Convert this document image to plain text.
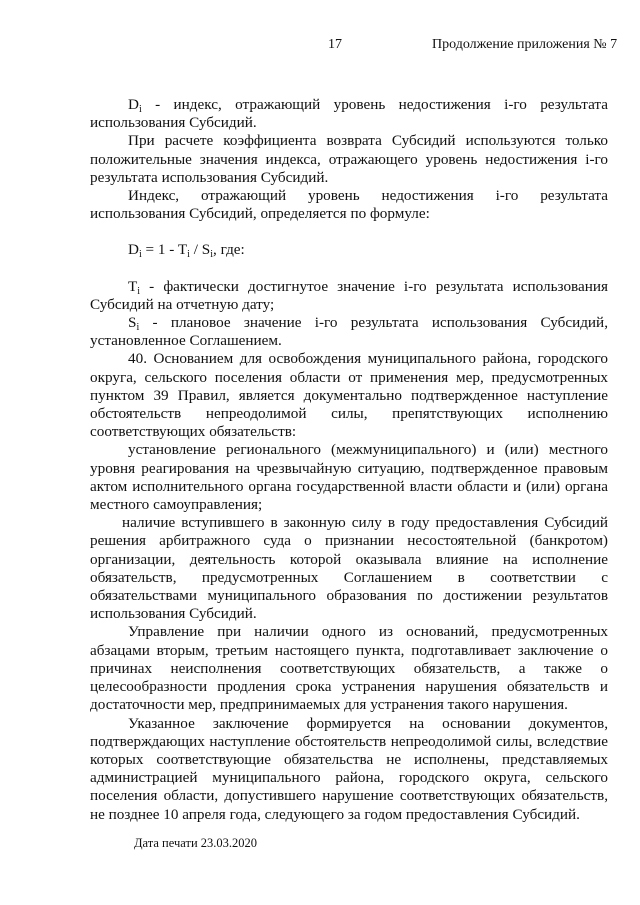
17	Продолжение приложения № 7

$D_i$ - индекс, отражающий уровень недостижения i-го результата использования Субсидий.

При расчете коэффициента возврата Субсидий используются только положительные значения индекса, отражающего уровень недостижения i-го результата использования Субсидий.

Индекс, отражающий уровень недостижения i-го результата использования Субсидий, определяется по формуле:

$D_i = 1 - T_i / S_i$, где:

$T_i$ - фактически достигнутое значение i-го результата использования Субсидий на отчетную дату;

$S_i$ - плановое значение i-го результата использования Субсидий, установленное Соглашением.

40. Основанием для освобождения муниципального района, городского округа, сельского поселения области от применения мер, предусмотренных пунктом 39 Правил, является документально подтвержденное наступление обстоятельств непреодолимой силы, препятствующих исполнению соответствующих обязательств:

установление регионального (межмуниципального) и (или) местного уровня реагирования на чрезвычайную ситуацию, подтвержденное правовым актом исполнительного органа государственной власти области и (или) органа местного самоуправления;

наличие вступившего в законную силу в году предоставления Субсидий решения арбитражного суда о признании несостоятельной (банкротом) организации, деятельность которой оказывала влияние на исполнение обязательств, предусмотренных Соглашением в соответствии с обязательствами муниципального образования по достижении результатов использования Субсидий.

Управление при наличии одного из оснований, предусмотренных абзацами вторым, третьим настоящего пункта, подготавливает заключение о причинах неисполнения соответствующих обязательств, а также о целесообразности продления срока устранения нарушения обязательств и достаточности мер, предпринимаемых для устранения такого нарушения.

Указанное заключение формируется на основании документов, подтверждающих наступление обстоятельств непреодолимой силы, вследствие которых соответствующие обязательства не исполнены, представляемых администрацией муниципального района, городского округа, сельского поселения области, допустившего нарушение соответствующих обязательств, не позднее 10 апреля года, следующего за годом предоставления Субсидий.

Дата печати 23.03.2020
